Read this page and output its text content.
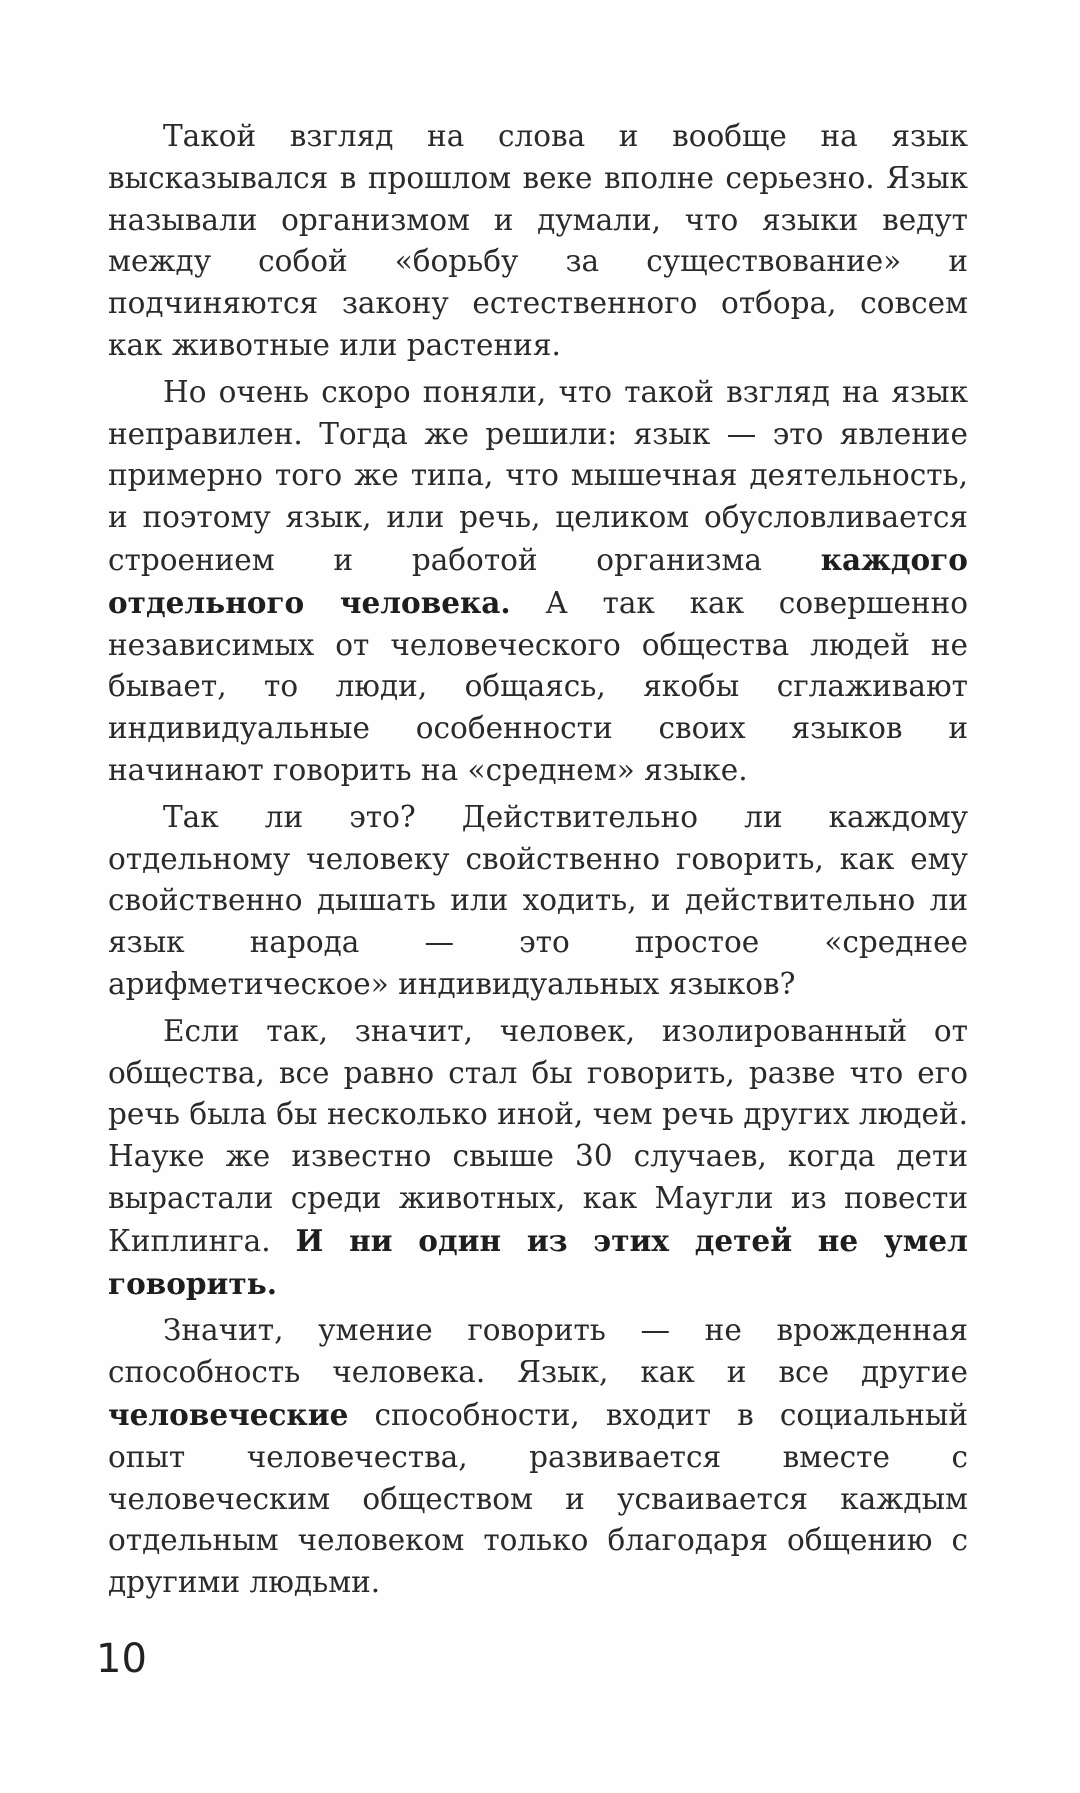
Такой взгляд на слова и вообще на язык высказывался в прошлом веке вполне серьезно. Язык называли организмом и думали, что языки ведут между собой «борьбу за существование» и подчиняются закону естественного отбора, совсем как животные или растения.

Но очень скоро поняли, что такой взгляд на язык неправилен. Тогда же решили: язык — это явление примерно того же типа, что мышечная деятельность, и поэтому язык, или речь, целиком обусловливается строением и работой организма каждого отдельного человека. А так как совершенно независимых от человеческого общества людей не бывает, то люди, общаясь, якобы сглаживают индивидуальные особенности своих языков и начинают говорить на «среднем» языке.

Так ли это? Действительно ли каждому отдельному человеку свойственно говорить, как ему свойственно дышать или ходить, и действительно ли язык народа — это простое «среднее арифметическое» индивидуальных языков?

Если так, значит, человек, изолированный от общества, все равно стал бы говорить, разве что его речь была бы несколько иной, чем речь других людей. Науке же известно свыше 30 случаев, когда дети вырастали среди животных, как Маугли из повести Киплинга. И ни один из этих детей не умел говорить.

Значит, умение говорить — не врожденная способность человека. Язык, как и все другие человеческие способности, входит в социальный опыт человечества, развивается вместе с человеческим обществом и усваивается каждым отдельным человеком только благодаря общению с другими людьми.

10
